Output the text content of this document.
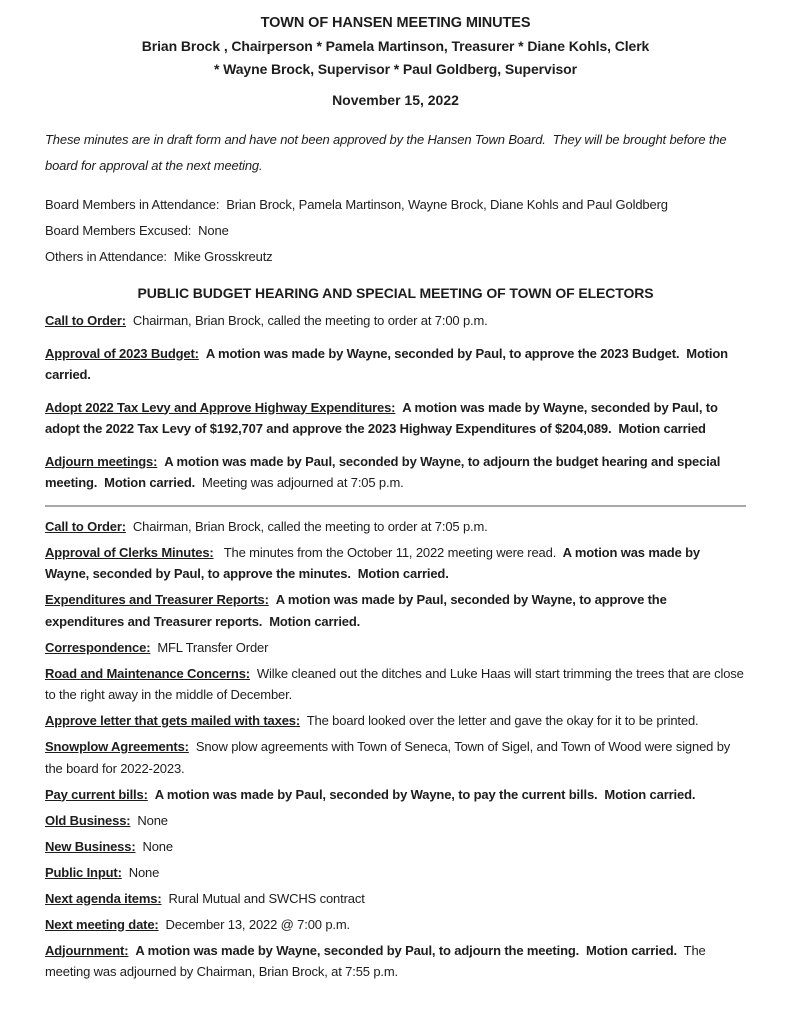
TOWN OF HANSEN MEETING MINUTES
Brian Brock , Chairperson * Pamela Martinson, Treasurer * Diane Kohls, Clerk
* Wayne Brock, Supervisor * Paul Goldberg, Supervisor
November 15, 2022

These minutes are in draft form and have not been approved by the Hansen Town Board.  They will be brought before the board for approval at the next meeting.

Board Members in Attendance:  Brian Brock, Pamela Martinson, Wayne Brock, Diane Kohls and Paul Goldberg
Board Members Excused:  None
Others in Attendance:  Mike Grosskreutz
PUBLIC BUDGET HEARING AND SPECIAL MEETING OF TOWN OF ELECTORS

Call to Order: Chairman, Brian Brock, called the meeting to order at 7:00 p.m.

Approval of 2023 Budget: A motion was made by Wayne, seconded by Paul, to approve the 2023 Budget.  Motion carried.

Adopt 2022 Tax Levy and Approve Highway Expenditures: A motion was made by Wayne, seconded by Paul, to adopt the 2022 Tax Levy of $192,707 and approve the 2023 Highway Expenditures of $204,089.  Motion carried

Adjourn meetings: A motion was made by Paul, seconded by Wayne, to adjourn the budget hearing and special meeting.  Motion carried.  Meeting was adjourned at 7:05 p.m.

Call to Order: Chairman, Brian Brock, called the meeting to order at 7:05 p.m.

Approval of Clerks Minutes:   The minutes from the October 11, 2022 meeting were read.  A motion was made by Wayne, seconded by Paul, to approve the minutes.  Motion carried.

Expenditures and Treasurer Reports: A motion was made by Paul, seconded by Wayne, to approve the expenditures and Treasurer reports.  Motion carried.

Correspondence: MFL Transfer Order

Road and Maintenance Concerns: Wilke cleaned out the ditches and Luke Haas will start trimming the trees that are close to the right away in the middle of December.

Approve letter that gets mailed with taxes: The board looked over the letter and gave the okay for it to be printed.

Snowplow Agreements: Snow plow agreements with Town of Seneca, Town of Sigel, and Town of Wood were signed by the board for 2022-2023.

Pay current bills: A motion was made by Paul, seconded by Wayne, to pay the current bills.  Motion carried.

Old Business: None

New Business: None

Public Input: None

Next agenda items: Rural Mutual and SWCHS contract

Next meeting date: December 13, 2022 @ 7:00 p.m.

Adjournment: A motion was made by Wayne, seconded by Paul, to adjourn the meeting.  Motion carried.  The meeting was adjourned by Chairman, Brian Brock, at 7:55 p.m.
